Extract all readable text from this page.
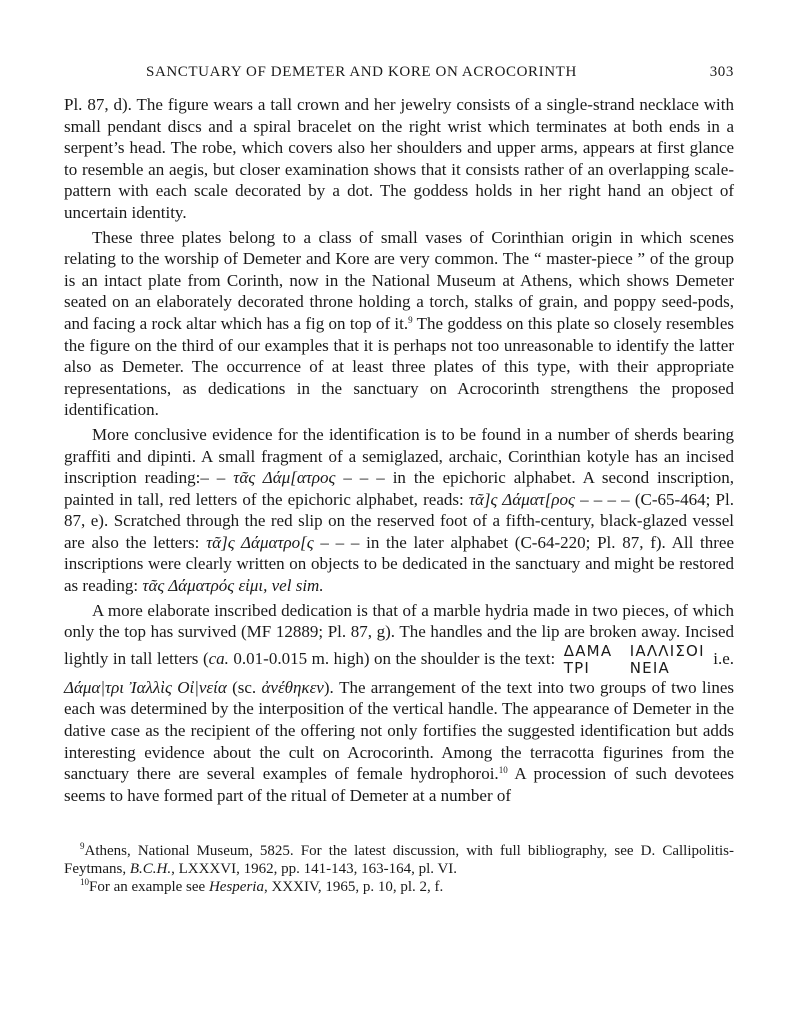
SANCTUARY OF DEMETER AND KORE ON ACROCORINTH	303

Pl. 87, d). The figure wears a tall crown and her jewelry consists of a single-strand necklace with small pendant discs and a spiral bracelet on the right wrist which terminates at both ends in a serpent’s head. The robe, which covers also her shoulders and upper arms, appears at first glance to resemble an aegis, but closer examination shows that it consists rather of an overlapping scale-pattern with each scale decorated by a dot. The goddess holds in her right hand an object of uncertain identity.

These three plates belong to a class of small vases of Corinthian origin in which scenes relating to the worship of Demeter and Kore are very common. The “ master-piece ” of the group is an intact plate from Corinth, now in the National Museum at Athens, which shows Demeter seated on an elaborately decorated throne holding a torch, stalks of grain, and poppy seed-pods, and facing a rock altar which has a fig on top of it.$^9$ The goddess on this plate so closely resembles the figure on the third of our examples that it is perhaps not too unreasonable to identify the latter also as Demeter. The occurrence of at least three plates of this type, with their appropriate representations, as dedications in the sanctuary on Acrocorinth strengthens the proposed identification.

More conclusive evidence for the identification is to be found in a number of sherds bearing graffiti and dipinti. A small fragment of a semiglazed, archaic, Corinthian kotyle has an incised inscription reading:– – τᾶς Δάμ[ατρος – – – in the epichoric alphabet. A second inscription, painted in tall, red letters of the epichoric alphabet, reads: τᾶ]ς Δάματ[ρος – – – – (C-65-464; Pl. 87, e). Scratched through the red slip on the reserved foot of a fifth-century, black-glazed vessel are also the letters: τᾶ]ς Δάματρο[ς – – – in the later alphabet (C-64-220; Pl. 87, f). All three inscriptions were clearly written on objects to be dedicated in the sanctuary and might be restored as reading: τᾶς Δάματρός εἰμι, vel sim.

A more elaborate inscribed dedication is that of a marble hydria made in two pieces, of which only the top has survived (MF 12889; Pl. 87, g). The handles and the lip are broken away. Incised lightly in tall letters (ca. 0.01-0.015 m. high) on the shoulder is the text: ΔΑΜΑ ΙΑΛΛΙΣΟΙ
ΤΡΙ	ΝΕΙΑ i.e. Δάμα|τρι Ἰαλλὶς Οἰ|νεία (sc. ἀνέθηκεν). The arrangement of the text into two groups of two lines each was determined by the interposition of the vertical handle. The appearance of Demeter in the dative case as the recipient of the offering not only fortifies the suggested identification but adds interesting evidence about the cult on Acrocorinth. Among the terracotta figurines from the sanctuary there are several examples of female hydrophoroi.$^{10}$ A procession of such devotees seems to have formed part of the ritual of Demeter at a number of

$^9$Athens, National Museum, 5825. For the latest discussion, with full bibliography, see D. Callipolitis-Feytmans, B.C.H., LXXXVI, 1962, pp. 141-143, 163-164, pl. VI.

$^{10}$For an example see Hesperia, XXXIV, 1965, p. 10, pl. 2, f.
